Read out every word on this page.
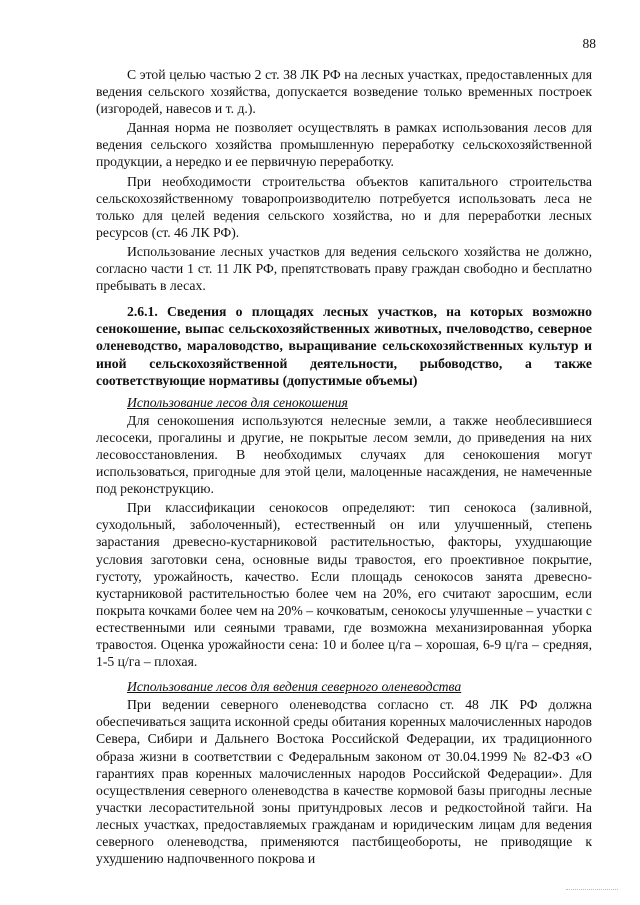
88

С этой целью частью 2 ст. 38 ЛК РФ на лесных участках, предоставленных для ведения сельского хозяйства, допускается возведение только временных построек (изгородей, навесов и т. д.).

Данная норма не позволяет осуществлять в рамках использования лесов для ведения сельского хозяйства промышленную переработку сельскохозяйственной продукции, а нередко и ее первичную переработку.

При необходимости строительства объектов капитального строительства сельскохозяйственному товаропроизводителю потребуется использовать леса не только для целей ведения сельского хозяйства, но и для переработки лесных ресурсов (ст. 46 ЛК РФ).

Использование лесных участков для ведения сельского хозяйства не должно, согласно части 1 ст. 11 ЛК РФ, препятствовать праву граждан свободно и бесплатно пребывать в лесах.

2.6.1. Сведения о площадях лесных участков, на которых возможно сенокошение, выпас сельскохозяйственных животных, пчеловодство, северное оленеводство, мараловодство, выращивание сельскохозяйственных культур и иной сельскохозяйственной деятельности, рыбоводство, а также соответствующие нормативы (допустимые объемы)

Использование лесов для сенокошения

Для сенокошения используются нелесные земли, а также необлесившиеся лесосеки, прогалины и другие, не покрытые лесом земли, до приведения на них лесовосстановления. В необходимых случаях для сенокошения могут использоваться, пригодные для этой цели, малоценные насаждения, не намеченные под реконструкцию.

При классификации сенокосов определяют: тип сенокоса (заливной, суходольный, заболоченный), естественный он или улучшенный, степень зарастания древесно-кустарниковой растительностью, факторы, ухудшающие условия заготовки сена, основные виды травостоя, его проективное покрытие, густоту, урожайность, качество. Если площадь сенокосов занята древесно-кустарниковой растительностью более чем на 20%, его считают заросшим, если покрыта кочками более чем на 20% – кочковатым, сенокосы улучшенные – участки с естественными или сеяными травами, где возможна механизированная уборка травостоя. Оценка урожайности сена: 10 и более ц/га – хорошая, 6-9 ц/га – средняя, 1-5 ц/га – плохая.

Использование лесов для ведения северного оленеводства

При ведении северного оленеводства согласно ст. 48 ЛК РФ должна обеспечиваться защита исконной среды обитания коренных малочисленных народов Севера, Сибири и Дальнего Востока Российской Федерации, их традиционного образа жизни в соответствии с Федеральным законом от 30.04.1999 № 82-ФЗ «О гарантиях прав коренных малочисленных народов Российской Федерации». Для осуществления северного оленеводства в качестве кормовой базы пригодны лесные участки лесорастительной зоны притундровых лесов и редкостойной тайги. На лесных участках, предоставляемых гражданам и юридическим лицам для ведения северного оленеводства, применяются пастбищеобороты, не приводящие к ухудшению надпочвенного покрова и
